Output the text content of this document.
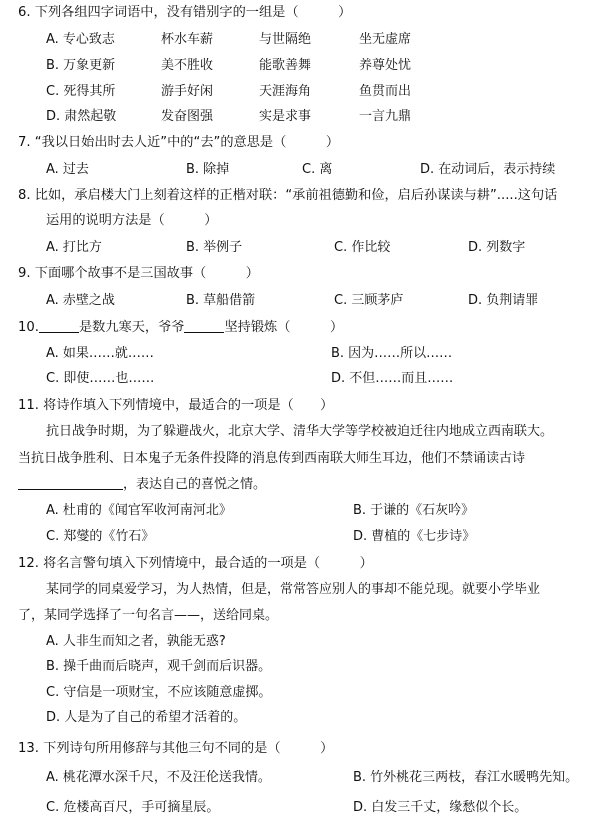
6. 下列各组四字词语中，没有错别字的一组是（　　　）
A. 专心致志	杯水车薪	与世隔绝	坐无虚席
B. 万象更新	美不胜收	能歌善舞	养尊处忧
C. 死得其所	游手好闲	天涯海角	鱼贯而出
D. 肃然起敬	发奋图强	实是求事	一言九鼎
7. “我以日始出时去人近”中的“去”的意思是（　　　）
A. 过去	B. 除掉	C. 离	D. 在动词后，表示持续
8. 比如，承启楼大门上刻着这样的正楷对联：“承前祖德勤和俭，启后孙谋读与耕”.....这句话
运用的说明方法是（　　　）
A. 打比方	B. 举例子	C. 作比较	D. 列数字
9. 下面哪个故事不是三国故事（　　　）
A. 赤壁之战	B. 草船借箭	C. 三顾茅庐	D. 负荆请罪
10.	是数九寒天，爷爷	坚持锻炼（　　　）
A. 如果……就……	B. 因为……所以……
C. 即使……也……	D. 不但……而且……
11. 将诗作填入下列情境中，最适合的一项是（　　）
抗日战争时期，为了躲避战火，北京大学、清华大学等学校被迫迁往内地成立西南联大。
当抗日战争胜利、日本鬼子无条件投降的消息传到西南联大师生耳边，他们不禁诵读古诗
，表达自己的喜悦之情。
A. 杜甫的《闻官军收河南河北》	B. 于谦的《石灰吟》
C. 郑燮的《竹石》	D. 曹植的《七步诗》
12. 将名言警句填入下列情境中，最合适的一项是（　　　）
某同学的同桌爱学习，为人热情，但是，常常答应别人的事却不能兑现。就要小学毕业
了，某同学选择了一句名言——，送给同桌。
A. 人非生而知之者，孰能无惑?
B. 操千曲而后晓声，观千剑而后识器。
C. 守信是一项财宝，不应该随意虚掷。
D. 人是为了自己的希望才活着的。
13. 下列诗句所用修辞与其他三句不同的是（　　　）
A. 桃花潭水深千尺，不及汪伦送我情。	B. 竹外桃花三两枝，春江水暖鸭先知。
C. 危楼高百尺，手可摘星辰。	D. 白发三千丈，缘愁似个长。
